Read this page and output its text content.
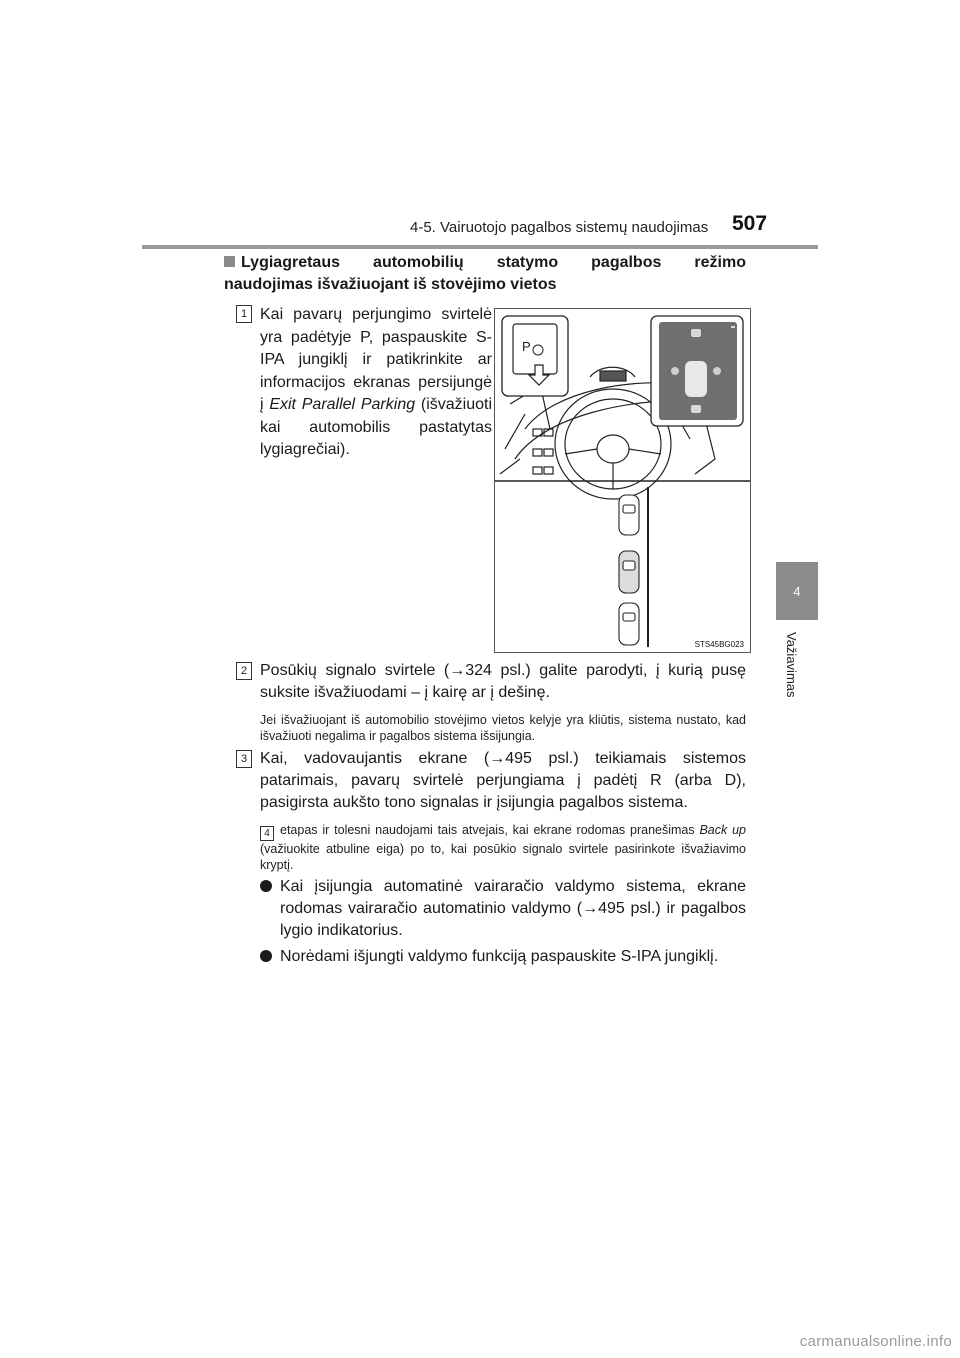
4-5. Vairuotojo pagalbos sistemų naudojimas 507
4
Važiavimas
Lygiagretaus automobilių statymo pagalbos režimo
naudojimas išvažiuojant iš stovėjimo vietos
1 Kai pavarų perjungimo svirtelė yra padėtyje P, paspauskite S-IPA jungiklį ir patikrinkite ar informacijos ekranas persijungė į Exit Parallel Parking (išvažiuoti kai automobilis pastatytas lygiagrečiai).
P
STS45BG023
2 Posūkių signalo svirtele (→324 psl.) galite parodyti, į kurią pusę suksite išvažiuodami – į kairę ar į dešinę.
Jei išvažiuojant iš automobilio stovėjimo vietos kelyje yra kliūtis, sistema nustato, kad išvažiuoti negalima ir pagalbos sistema išsijungia.
3 Kai, vadovaujantis ekrane (→495 psl.) teikiamais sistemos patarimais, pavarų svirtelė perjungiama į padėtį R (arba D), pasigirsta aukšto tono signalas ir įsijungia pagalbos sistema.
4 etapas ir tolesni naudojami tais atvejais, kai ekrane rodomas pranešimas Back up (važiuokite atbuline eiga) po to, kai posūkio signalo svirtele pasirinkote išvažiavimo kryptį.
Kai įsijungia automatinė vairaračio valdymo sistema, ekrane rodomas vairaračio automatinio valdymo (→495 psl.) ir pagalbos lygio indikatorius.
Norėdami išjungti valdymo funkciją paspauskite S-IPA jungiklį.
carmanualsonline.info
